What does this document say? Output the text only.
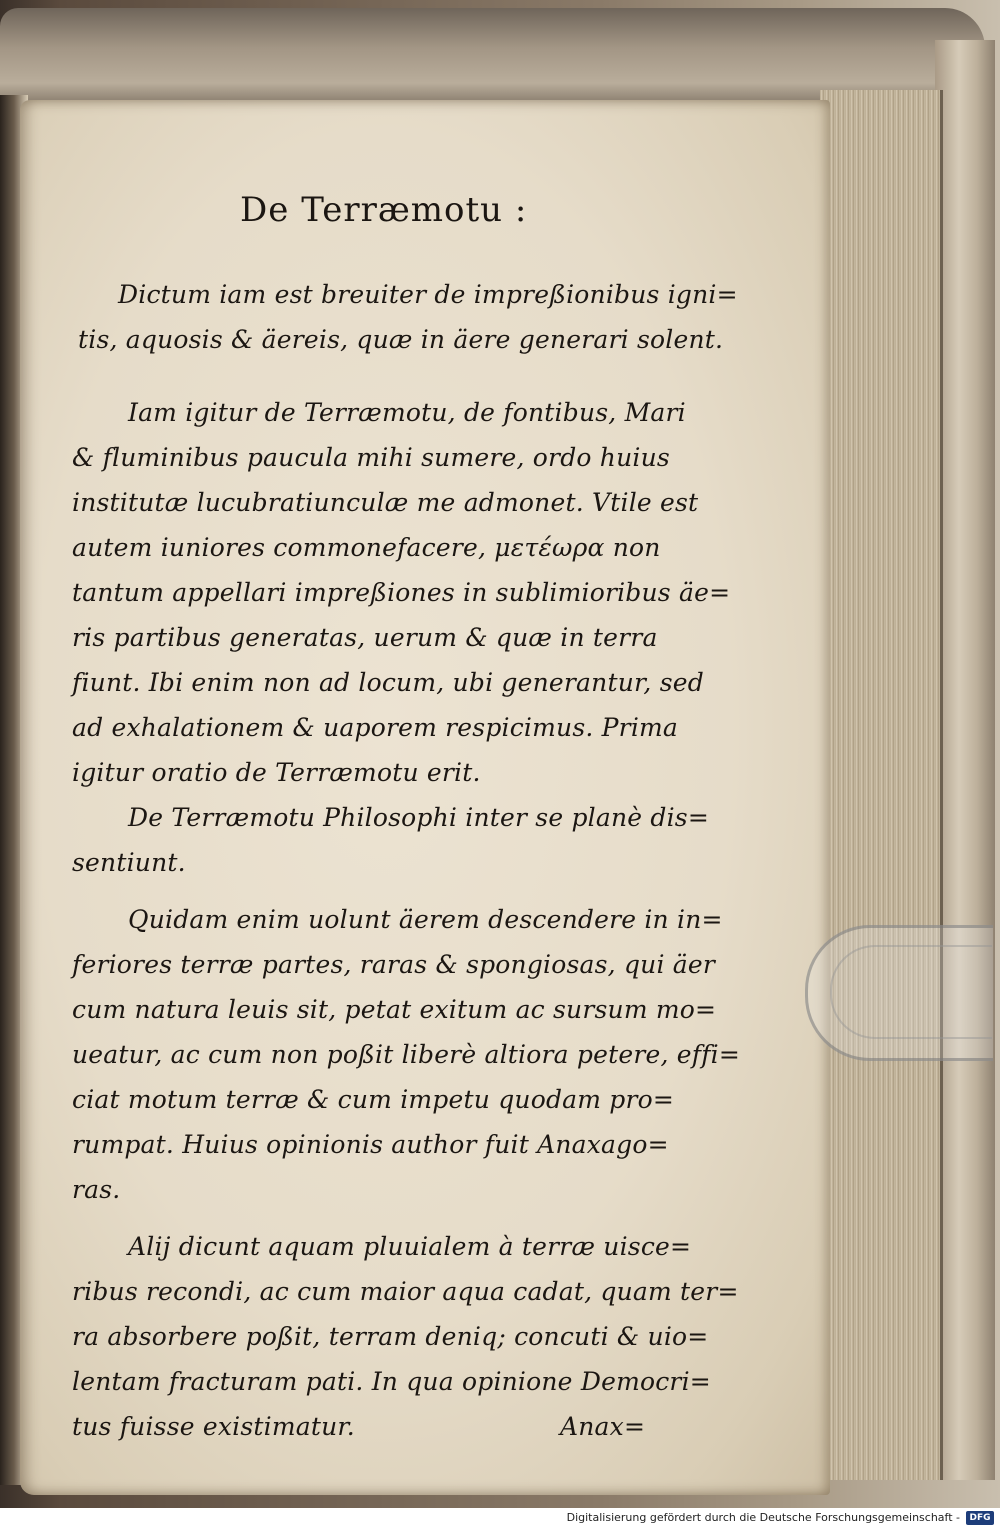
De Terræmotu :
Dictum iam est breuiter de impreßionibus igni=
tis, aquosis & äereis, quæ in äere generari solent.
Iam igitur de Terræmotu, de fontibus, Mari
& fluminibus paucula mihi sumere, ordo huius
institutæ lucubratiunculæ me admonet. Vtile est
autem iuniores commonefacere, μετέωρα non
tantum appellari impreßiones in sublimioribus äe=
ris partibus generatas, uerum & quæ in terra
fiunt. Ibi enim non ad locum, ubi generantur, sed
ad exhalationem & uaporem respicimus. Prima
igitur oratio de Terræmotu erit.
De Terræmotu Philosophi inter se planè dis=
sentiunt.
Quidam enim uolunt äerem descendere in in=
feriores terræ partes, raras & spongiosas, qui äer
cum natura leuis sit, petat exitum ac sursum mo=
ueatur, ac cum non poßit liberè altiora petere, effi=
ciat motum terræ & cum impetu quodam pro=
rumpat. Huius opinionis author fuit Anaxago=
ras.
Alij dicunt aquam pluuialem à terræ uisce=
ribus recondi, ac cum maior aqua cadat, quam ter=
ra absorbere poßit, terram deniq; concuti & uio=
lentam fracturam pati. In qua opinione Democri=
tus fuisse existimatur.	Anax=
Digitalisierung gefördert durch die Deutsche Forschungsgemeinschaft -	DFG
